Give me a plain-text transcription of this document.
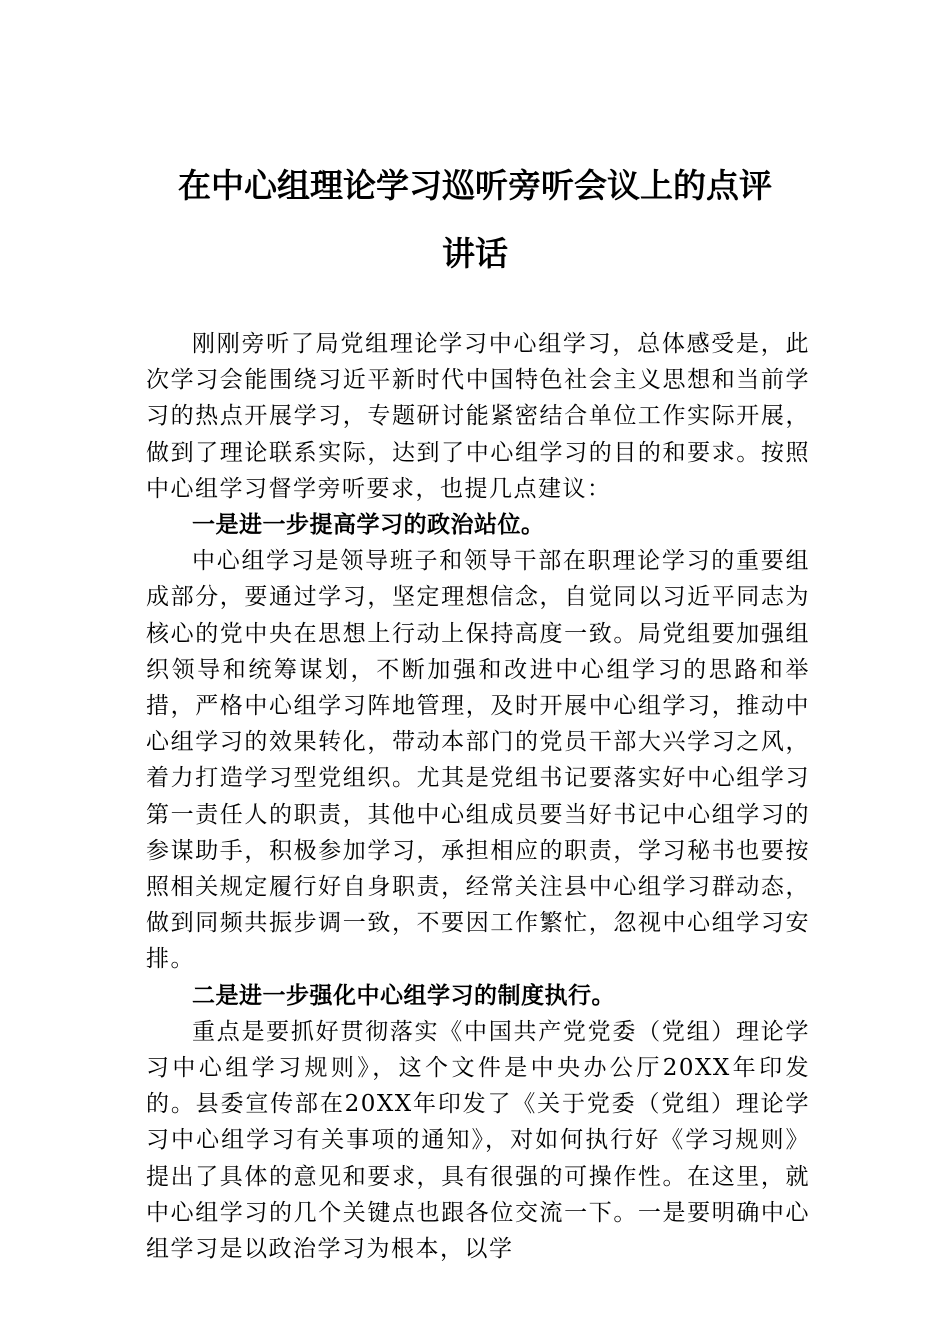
在中心组理论学习巡听旁听会议上的点评
讲话

刚刚旁听了局党组理论学习中心组学习，总体感受是，此次学习会能围绕习近平新时代中国特色社会主义思想和当前学习的热点开展学习，专题研讨能紧密结合单位工作实际开展，做到了理论联系实际，达到了中心组学习的目的和要求。按照中心组学习督学旁听要求，也提几点建议：

一是进一步提高学习的政治站位。

中心组学习是领导班子和领导干部在职理论学习的重要组成部分，要通过学习，坚定理想信念，自觉同以习近平同志为核心的党中央在思想上行动上保持高度一致。局党组要加强组织领导和统筹谋划，不断加强和改进中心组学习的思路和举措，严格中心组学习阵地管理，及时开展中心组学习，推动中心组学习的效果转化，带动本部门的党员干部大兴学习之风，着力打造学习型党组织。尤其是党组书记要落实好中心组学习第一责任人的职责，其他中心组成员要当好书记中心组学习的参谋助手，积极参加学习，承担相应的职责，学习秘书也要按照相关规定履行好自身职责，经常关注县中心组学习群动态，做到同频共振步调一致，不要因工作繁忙，忽视中心组学习安排。

二是进一步强化中心组学习的制度执行。

重点是要抓好贯彻落实《中国共产党党委（党组）理论学习中心组学习规则》，这个文件是中央办公厅20XX年印发的。县委宣传部在20XX年印发了《关于党委（党组）理论学习中心组学习有关事项的通知》，对如何执行好《学习规则》提出了具体的意见和要求，具有很强的可操作性。在这里，就中心组学习的几个关键点也跟各位交流一下。一是要明确中心组学习是以政治学习为根本，以学
